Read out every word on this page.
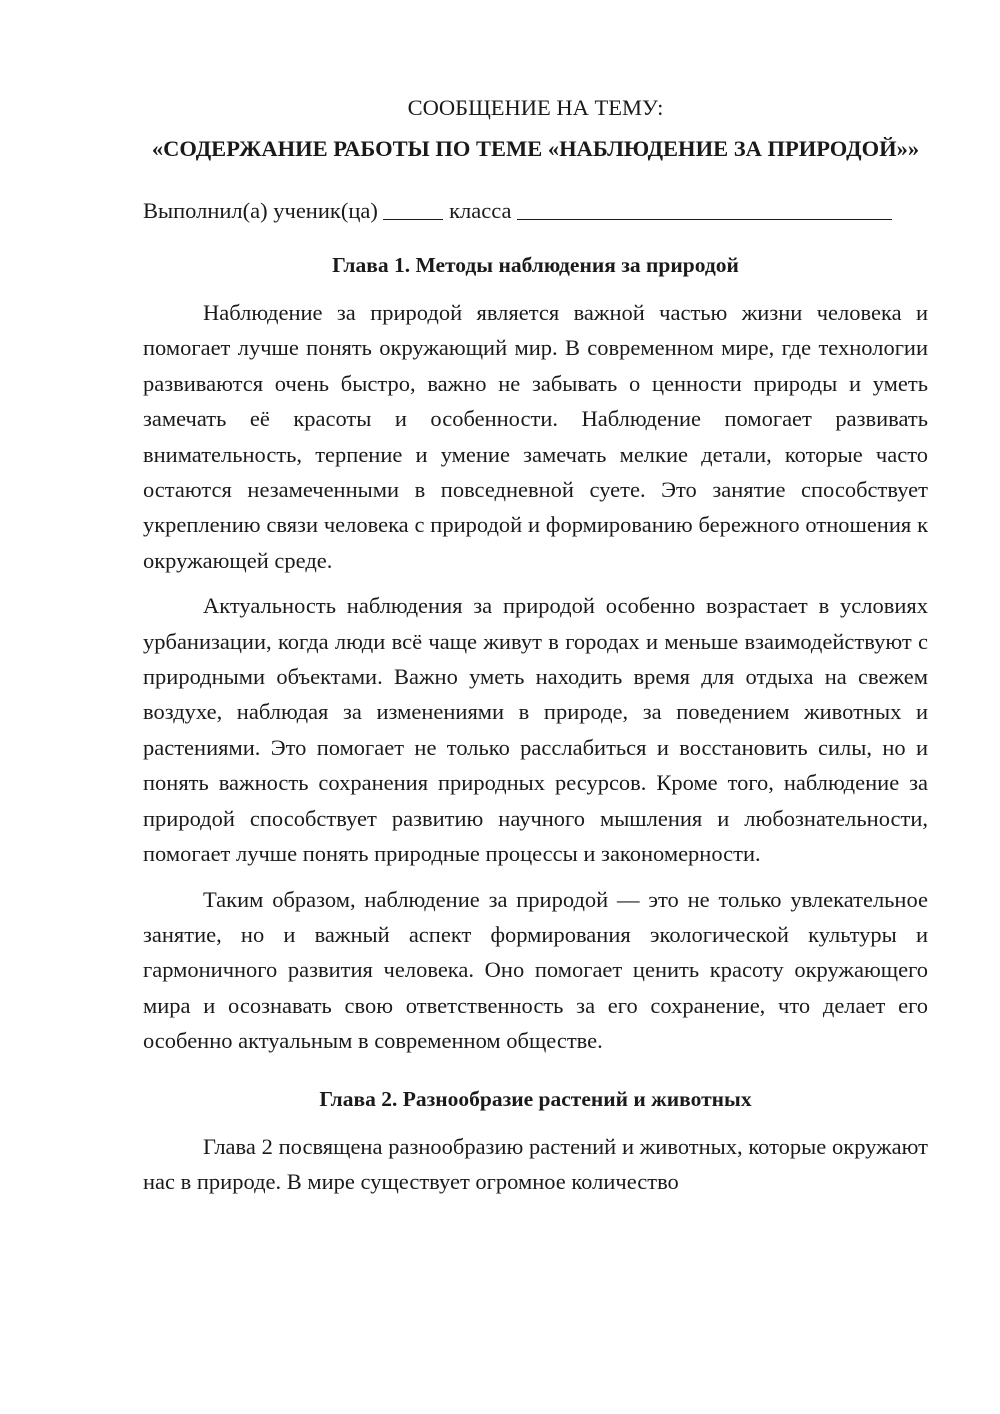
СООБЩЕНИЕ НА ТЕМУ:

«СОДЕРЖАНИЕ РАБОТЫ ПО ТЕМЕ «НАБЛЮДЕНИЕ ЗА ПРИРОДОЙ»»

Выполнил(а) ученик(ца)	класса

Глава 1. Методы наблюдения за природой

Наблюдение за природой является важной частью жизни человека и помогает лучше понять окружающий мир. В современном мире, где технологии развиваются очень быстро, важно не забывать о ценности природы и уметь замечать её красоты и особенности. Наблюдение помогает развивать внимательность, терпение и умение замечать мелкие детали, которые часто остаются незамеченными в повседневной суете. Это занятие способствует укреплению связи человека с природой и формированию бережного отношения к окружающей среде.

Актуальность наблюдения за природой особенно возрастает в условиях урбанизации, когда люди всё чаще живут в городах и меньше взаимодействуют с природными объектами. Важно уметь находить время для отдыха на свежем воздухе, наблюдая за изменениями в природе, за поведением животных и растениями. Это помогает не только расслабиться и восстановить силы, но и понять важность сохранения природных ресурсов. Кроме того, наблюдение за природой способствует развитию научного мышления и любознательности, помогает лучше понять природные процессы и закономерности.

Таким образом, наблюдение за природой — это не только увлекательное занятие, но и важный аспект формирования экологической культуры и гармоничного развития человека. Оно помогает ценить красоту окружающего мира и осознавать свою ответственность за его сохранение, что делает его особенно актуальным в современном обществе.

Глава 2. Разнообразие растений и животных

Глава 2 посвящена разнообразию растений и животных, которые окружают нас в природе. В мире существует огромное количество
